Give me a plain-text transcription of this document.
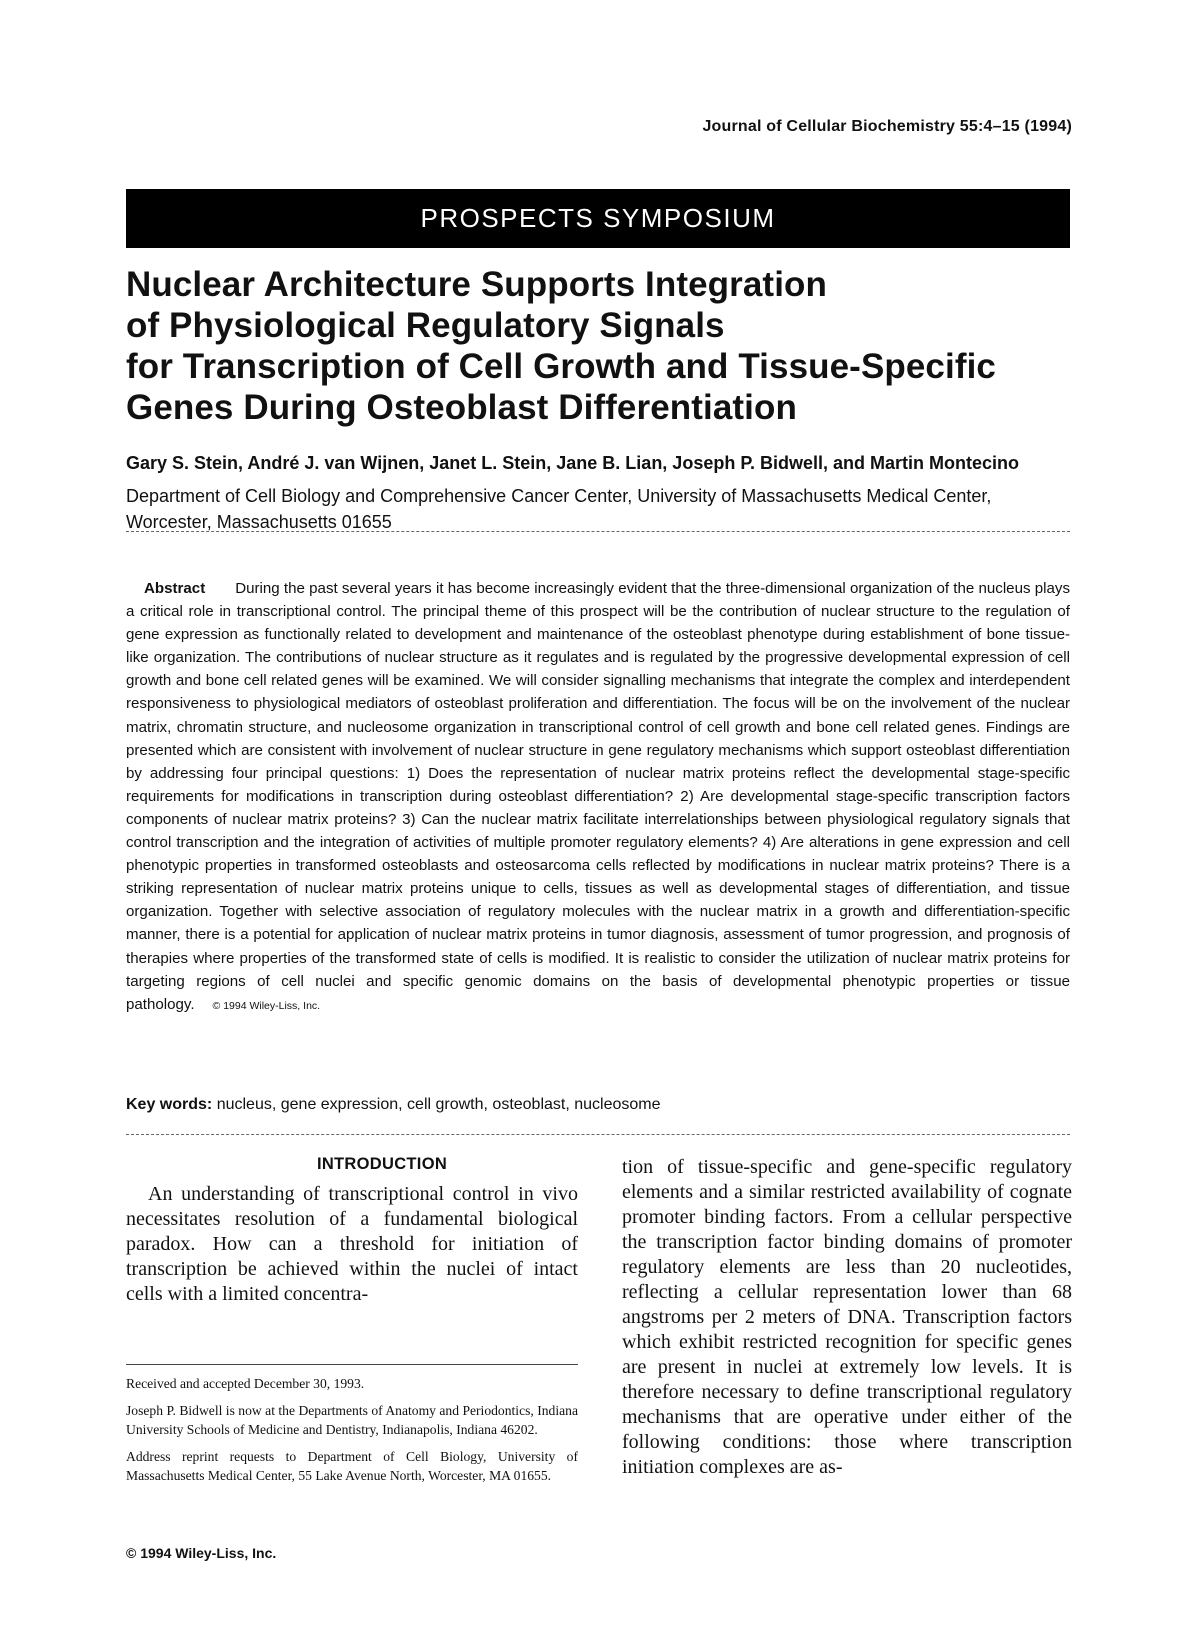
Journal of Cellular Biochemistry 55:4–15 (1994)
PROSPECTS SYMPOSIUM
Nuclear Architecture Supports Integration
of Physiological Regulatory Signals
for Transcription of Cell Growth and Tissue-Specific
Genes During Osteoblast Differentiation
Gary S. Stein, André J. van Wijnen, Janet L. Stein, Jane B. Lian, Joseph P. Bidwell, and Martin Montecino
Department of Cell Biology and Comprehensive Cancer Center, University of Massachusetts Medical Center, Worcester, Massachusetts 01655
Abstract During the past several years it has become increasingly evident that the three-dimensional organization of the nucleus plays a critical role in transcriptional control. The principal theme of this prospect will be the contribution of nuclear structure to the regulation of gene expression as functionally related to development and maintenance of the osteoblast phenotype during establishment of bone tissue-like organization. The contributions of nuclear structure as it regulates and is regulated by the progressive developmental expression of cell growth and bone cell related genes will be examined. We will consider signalling mechanisms that integrate the complex and interdependent responsiveness to physiological mediators of osteoblast proliferation and differentiation. The focus will be on the involvement of the nuclear matrix, chromatin structure, and nucleosome organization in transcriptional control of cell growth and bone cell related genes. Findings are presented which are consistent with involvement of nuclear structure in gene regulatory mechanisms which support osteoblast differentiation by addressing four principal questions: 1) Does the representation of nuclear matrix proteins reflect the developmental stage-specific requirements for modifications in transcription during osteoblast differentiation? 2) Are developmental stage-specific transcription factors components of nuclear matrix proteins? 3) Can the nuclear matrix facilitate interrelationships between physiological regulatory signals that control transcription and the integration of activities of multiple promoter regulatory elements? 4) Are alterations in gene expression and cell phenotypic properties in transformed osteoblasts and osteosarcoma cells reflected by modifications in nuclear matrix proteins? There is a striking representation of nuclear matrix proteins unique to cells, tissues as well as developmental stages of differentiation, and tissue organization. Together with selective association of regulatory molecules with the nuclear matrix in a growth and differentiation-specific manner, there is a potential for application of nuclear matrix proteins in tumor diagnosis, assessment of tumor progression, and prognosis of therapies where properties of the transformed state of cells is modified. It is realistic to consider the utilization of nuclear matrix proteins for targeting regions of cell nuclei and specific genomic domains on the basis of developmental phenotypic properties or tissue pathology. © 1994 Wiley-Liss, Inc.
Key words: nucleus, gene expression, cell growth, osteoblast, nucleosome
INTRODUCTION
An understanding of transcriptional control in vivo necessitates resolution of a fundamental biological paradox. How can a threshold for initiation of transcription be achieved within the nuclei of intact cells with a limited concentra-
tion of tissue-specific and gene-specific regulatory elements and a similar restricted availability of cognate promoter binding factors. From a cellular perspective the transcription factor binding domains of promoter regulatory elements are less than 20 nucleotides, reflecting a cellular representation lower than 68 angstroms per 2 meters of DNA. Transcription factors which exhibit restricted recognition for specific genes are present in nuclei at extremely low levels. It is therefore necessary to define transcriptional regulatory mechanisms that are operative under either of the following conditions: those where transcription initiation complexes are as-

Received and accepted December 30, 1993.

Joseph P. Bidwell is now at the Departments of Anatomy and Periodontics, Indiana University Schools of Medicine and Dentistry, Indianapolis, Indiana 46202.

Address reprint requests to Department of Cell Biology, University of Massachusetts Medical Center, 55 Lake Avenue North, Worcester, MA 01655.

© 1994 Wiley-Liss, Inc.
